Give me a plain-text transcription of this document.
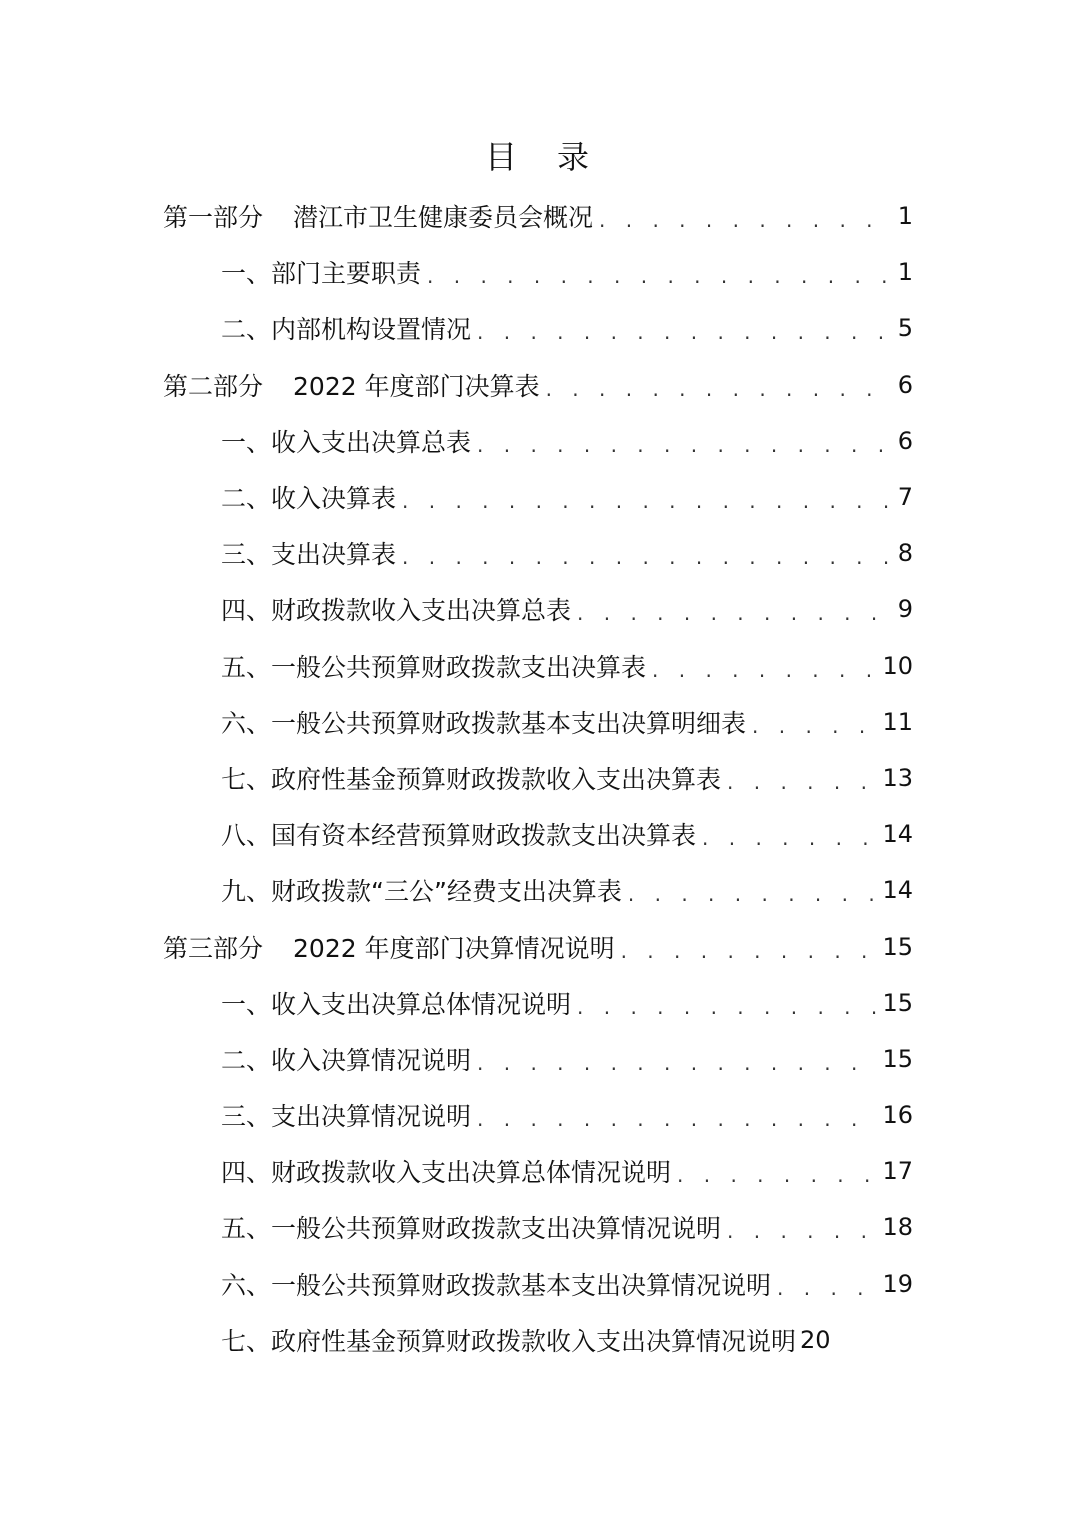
目录
第一部分 潜江市卫生健康委员会概况 . . .	1
一、部门主要职责 . . .	1
二、内部机构设置情况 . . .	5
第二部分 2022 年度部门决算表 . . .	6
一、收入支出决算总表 . . .	6
二、收入决算表 . . .	7
三、支出决算表 . . .	8
四、财政拨款收入支出决算总表 . . .	9
五、一般公共预算财政拨款支出决算表 . . .	10
六、一般公共预算财政拨款基本支出决算明细表 . . .	11
七、政府性基金预算财政拨款收入支出决算表 . . .	13
八、国有资本经营预算财政拨款支出决算表 . . .	14
九、财政拨款“三公”经费支出决算表 . . .	14
第三部分 2022 年度部门决算情况说明 . . .	15
一、收入支出决算总体情况说明 . . .	15
二、收入决算情况说明 . . .	15
三、支出决算情况说明 . . .	16
四、财政拨款收入支出决算总体情况说明 . . .	17
五、一般公共预算财政拨款支出决算情况说明 . . .	18
六、一般公共预算财政拨款基本支出决算情况说明 . . .	19
七、政府性基金预算财政拨款收入支出决算情况说明 20
